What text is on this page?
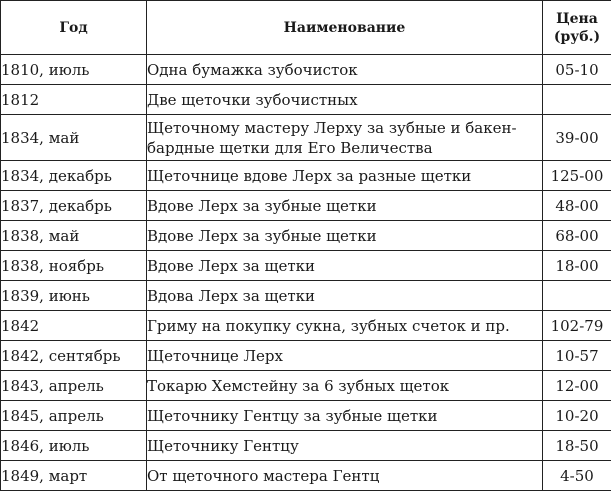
Год	Наименование	Цена
(руб.)

1810, июль	Одна бумажка зубочисток	05-10
1812	Две щеточки зубочистных	
1834, май	Щеточному мастеру Лерху за зубные и бакен-
бардные щетки для Его Величества	39-00
1834, декабрь	Щеточнице вдове Лерх за разные щетки	125-00
1837, декабрь	Вдове Лерх за зубные щетки	48-00
1838, май	Вдове Лерх за зубные щетки	68-00
1838, ноябрь	Вдове Лерх за щетки	18-00
1839, июнь	Вдова Лерх за щетки	
1842	Гриму на покупку сукна, зубных счеток и пр.	102-79
1842, сентябрь	Щеточнице Лерх	10-57
1843, апрель	Токарю Хемстейну за 6 зубных щеток	12-00
1845, апрель	Щеточнику Гентцу за зубные щетки	10-20
1846, июль	Щеточнику Гентцу	18-50
1849, март	От щеточного мастера Гентц	4-50
